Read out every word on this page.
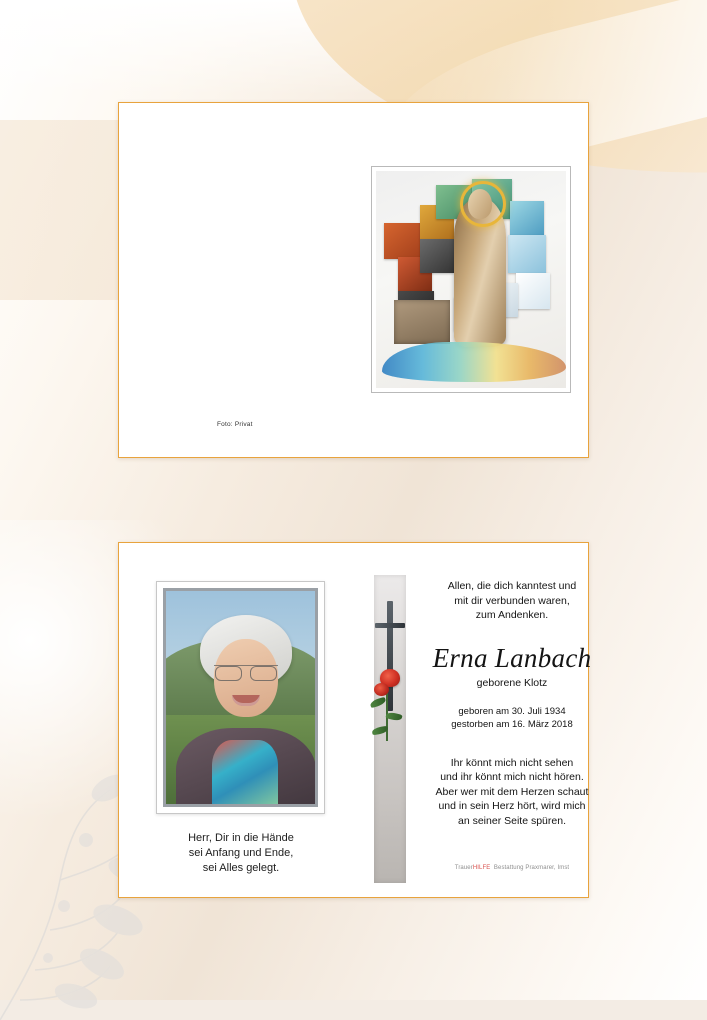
Foto: Privat
Herr, Dir in die Hände
sei Anfang und Ende,
sei Alles gelegt.
Allen, die dich kanntest und
mit dir verbunden waren,
zum Andenken.
Erna Lanbach
geborene Klotz
geboren am 30. Juli 1934
gestorben am 16. März 2018
Ihr könnt mich nicht sehen
und ihr könnt mich nicht hören.
Aber wer mit dem Herzen schaut
und in sein Herz hört, wird mich
an seiner Seite spüren.
TrauerHILFE Bestattung Praxmarer, Imst
